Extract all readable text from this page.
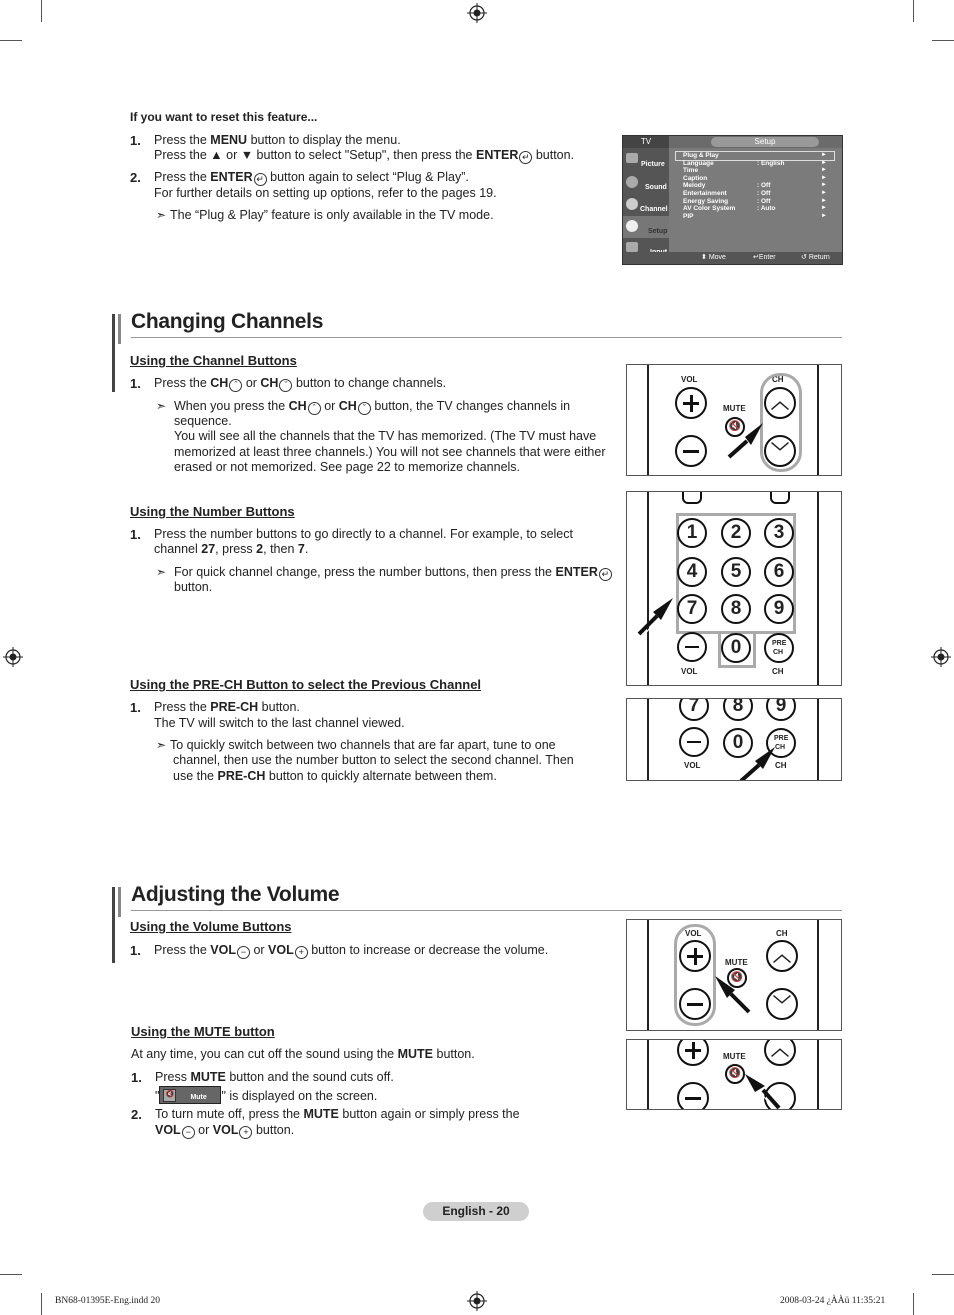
If you want to reset this feature...
1. Press the MENU button to display the menu.
Press the ▲ or ▼ button to select "Setup", then press the ENTER ↵ button.
2. Press the ENTER ↵ button again to select “Plug & Play”.
For further details on setting up options, refer to the pages 19.
➣ The “Plug & Play” feature is only available in the TV mode.
TV	Setup
Picture
Sound
Channel
Setup
Plug & Play	►
Language	: English	►
Time	►
Caption	►
Melody	: Off	►
Entertainment	: Off	►
Energy Saving	: Off	►
AV Color System	: Auto	►
PIP	►
⬍ Move	↵Enter	↺ Return
Changing Channels
Using the Channel Buttons
1. Press the CH ˆ or CH ˇ button to change channels.
➣ When you press the CH ˆ or CH ˇ button, the TV changes channels in
sequence.
You will see all the channels that the TV has memorized. (The TV must have
memorized at least three channels.) You will not see channels that were either
erased or not memorized. See page 22 to memorize channels.
VOL	CH
MUTE
🔇
︿
﹀
Using the Number Buttons
1. Press the number buttons to go directly to a channel. For example, to select
channel 27, press 2, then 7.
➣ For quick channel change, press the number buttons, then press the ENTER ↵
button.
1	2	3
4	5	6
7	8	9
0	PRE
CH
VOL	CH
Using the PRE-CH Button to select the Previous Channel
1. Press the PRE-CH button.
The TV will switch to the last channel viewed.
➣ To quickly switch between two channels that are far apart, tune to one
channel, then use the number button to select the second channel. Then
use the PRE-CH button to quickly alternate between them.
7	8	9
0	PRE
CH
VOL	CH
Adjusting the Volume
Using the Volume Buttons
1. Press the VOL − or VOL + button to increase or decrease the volume.
VOL	CH
MUTE
🔇
︿
﹀
Using the MUTE button
At any time, you can cut off the sound using the MUTE button.
1. Press MUTE button and the sound cuts off.
" 🔇	Mute " is displayed on the screen.
2. To turn mute off, press the MUTE button again or simply press the
VOL − or VOL + button.
MUTE
🔇
︿
English - 20
BN68-01395E-Eng.indd 20	2008-03-24 ¿ÀÀü 11:35:21
